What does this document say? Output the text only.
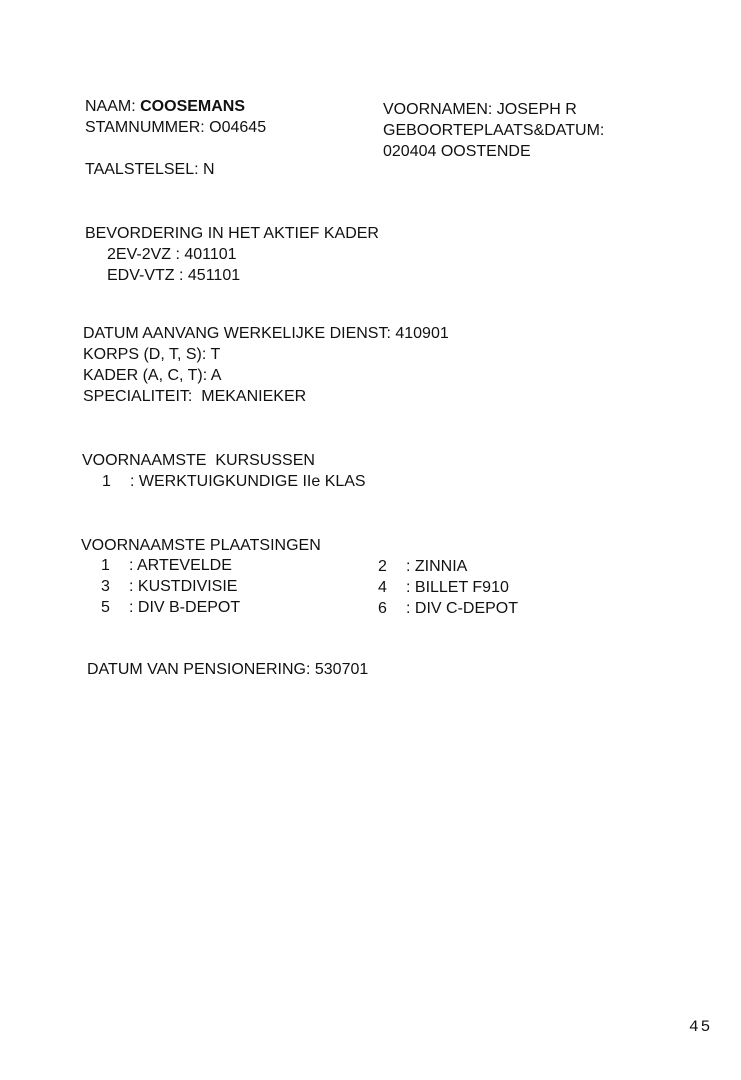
NAAM: COOSEMANS
STAMNUMMER: O04645
TAALSTELSEL: N
VOORNAMEN: JOSEPH R
GEBOORTEPLAATS&DATUM:
020404 OOSTENDE
BEVORDERING IN HET AKTIEF KADER
2EV-2VZ : 401101
EDV-VTZ : 451101
DATUM AANVANG WERKELIJKE DIENST: 410901
KORPS (D, T, S): T
KADER (A, C, T): A
SPECIALITEIT:  MEKANIEKER
VOORNAAMSTE  KURSUSSEN
1 : WERKTUIGKUNDIGE IIe KLAS
VOORNAAMSTE PLAATSINGEN
1 : ARTEVELDE
3 : KUSTDIVISIE
5 : DIV B-DEPOT
2 : ZINNIA
4 : BILLET F910
6 : DIV C-DEPOT
DATUM VAN PENSIONERING: 530701
45
